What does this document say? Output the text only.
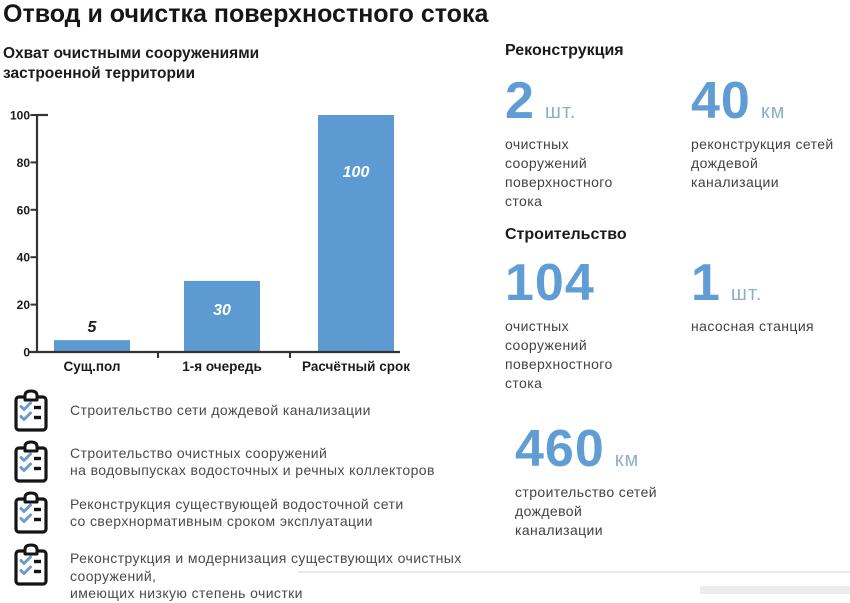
Отвод и очистка поверхностного стока
Охват очистными сооружениями
застроенной территории
5
Сущ.пол
30
1-я очередь
100
Расчётный срок
0
20
40
60
80
100
Строительство сети дождевой канализации
Строительство очистных сооружений
на водовыпусках водосточных и речных коллекторов
Реконструкция существующей водосточной сети
со сверхнормативным сроком эксплуатации
Реконструкция и модернизация существующих очистных
сооружений,
имеющих низкую степень очистки
Реконструкция
2 шт.
очистных
сооружений
поверхностного
стока
40 км
реконструкция сетей
дождевой
канализации
Строительство
104
очистных
сооружений
поверхностного
стока
1 шт.
насосная станция
460 км
строительство сетей
дождевой
канализации
